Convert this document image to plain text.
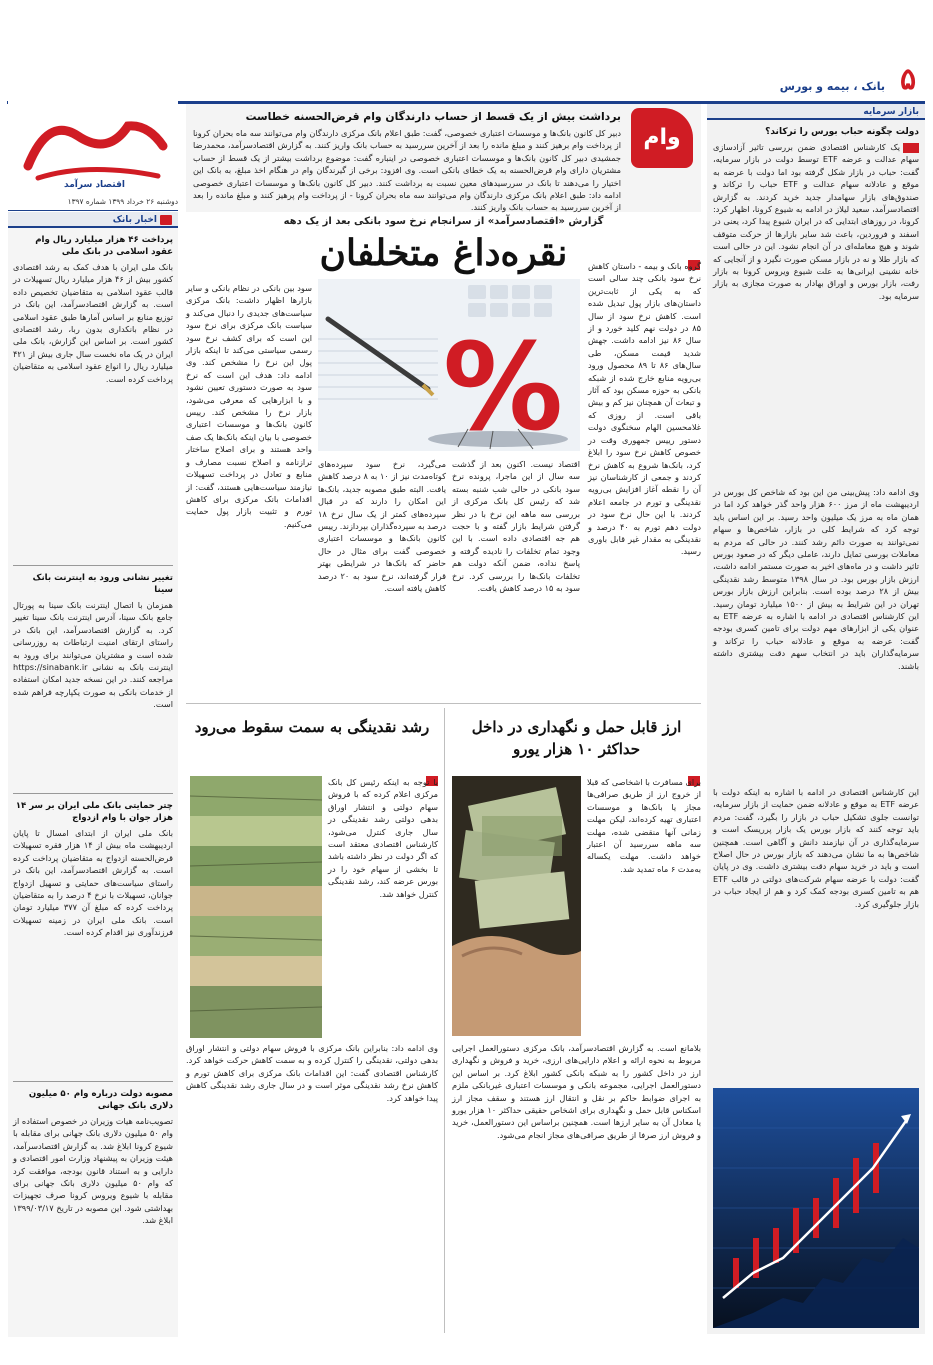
۵
بانک ، بیمه و بورس
اقتصاد سرآمد
دوشنبه ۲۶ خرداد ۱۳۹۹ شماره ۱۳۹۷
وام
برداشت بیش از یک قسط از حساب دارندگان وام قرض‌الحسنه خطاست
دبیر کل کانون بانک‌ها و موسسات اعتباری خصوصی، گفت: طبق اعلام بانک مرکزی دارندگان وام می‌توانند سه ماه بحران کرونا از پرداخت وام برهیز کنند و مبلغ مانده را بعد از آخرین سررسید به حساب بانک واریز کنند. به گزارش اقتصادسرآمد، محمدرضا جمشیدی دبیر کل کانون بانک‌ها و موسسات اعتباری خصوصی در اینباره گفت: موضوع برداشت بیشتر از یک قسط از حساب مشتریان دارای وام قرض‌الحسنه به‌ یک خطای بانکی است. وی افزود: برخی از گیرندگان وام در هنگام اخذ مبلغ، به بانک این اختیار را می‌دهند تا بانک در سررسیدهای معین نسبت به برداشت کنند. دبیر کل کانون بانک‌ها و موسسات اعتباری خصوصی ادامه داد: طبق اعلام بانک مرکزی دارندگان وام می‌توانند سه ماه بحران کرونا - از پرداخت وام پرهیز کنند و مبلغ مانده را بعد از آخرین سررسید به حساب بانک واریز کنند.
اخبار بانک
پرداخت ۴۶ هزار میلیارد ریال وام عقود اسلامی در بانک ملی
بانک ملی ایران با هدف کمک به رشد اقتصادی کشور بیش از ۴۶ هزار میلیارد ریال تسهیلات در قالب عقود اسلامی به متقاضیان تخصیص داده است. به گزارش اقتصادسرآمد، این بانک در توزیع منابع بر اساس آمارها طبق عقود اسلامی در نظام بانکداری بدون ربا، رشد اقتصادی کشور است. بر اساس این گزارش، بانک ملی ایران در یک ماه نخست سال جاری بیش از ۴۲۱ میلیارد ریال را انواع عقود اسلامی به متقاضیان پرداخت کرده است.
تغییر نشانی ورود به اینترنت بانک سینا
همزمان با اتصال اینترنت بانک سینا به پورتال جامع بانک سینا، آدرس اینترنت بانک سینا تغییر کرد. به گزارش اقتصادسرآمد، این بانک در راستای ارتقای امنیت ارتباطات به روزرسانی شده است و مشتریان می‌توانند برای ورود به اینترنت بانک به نشانی https://sinabank.ir مراجعه کنند. در این نسخه جدید امکان استفاده از خدمات بانکی به صورت یکپارچه فراهم شده است.
چتر حمایتی بانک ملی ایران بر سر ۱۴ هزار جوان با وام ازدواج
بانک ملی ایران از ابتدای امسال تا پایان اردیبهشت ماه بیش از ۱۴ هزار فقره تسهیلات قرض‌الحسنه ازدواج به متقاضیان پرداخت کرده است. به گزارش اقتصادسرآمد، این بانک در راستای سیاست‌های حمایتی و تسهیل ازدواج جوانان، تسهیلات با نرخ ۴ درصد را به متقاضیان پرداخت کرده که مبلغ آن ۳۷۷ میلیارد تومان است. بانک ملی ایران در زمینه تسهیلات فرزندآوری نیز اقدام کرده است.
مصوبه دولت درباره وام ۵۰ میلیون دلاری بانک جهانی
تصویب‌نامه هیات وزیران در خصوص استفاده از وام ۵۰ میلیون دلاری بانک جهانی برای مقابله با شیوع کرونا ابلاغ شد. به گزارش اقتصادسرآمد، هیئت وزیران به پیشنهاد وزارت امور اقتصادی و دارایی و به استناد قانون بودجه، موافقت کرد که وام ۵۰ میلیون دلاری بانک جهانی برای مقابله با شیوع ویروس کرونا صرف تجهیزات بهداشتی شود. این مصوبه در تاریخ ۱۳۹۹/۰۳/۱۷ ابلاغ شد.
بازار سرمایه
دولت چگونه حباب بورس را ترکاند؟
یک کارشناس اقتصادی ضمن بررسی تاثیر آزادسازی سهام عدالت و عرضه ETF توسط دولت در بازار سرمایه، گفت: حباب در بازار شکل گرفته بود اما دولت با عرضه به موقع و عادلانه سهام عدالت و ETF حباب را ترکاند و صندوق‌های بازار سهامدار جدید خرید کردند. به گزارش اقتصادسرآمد، سعید لیلاز در ادامه به شیوع کرونا، اظهار کرد: کرونا، در روزهای ابتدایی که در ایران شیوع پیدا کرد، یعنی در اسفند و فروردین، باعث شد سایر بازارها از حرکت متوقف شوند و هیچ معامله‌ای در آن انجام نشود. این در حالی است که بازار طلا و نه در بازار مسکن صورت نگیرد و از آنجایی که خانه نشینی ایرانی‌ها به علت شیوع ویروس کرونا به بازار رفت، بازار بورس و اوراق بهادار به صورت مجازی به بازار سرمایه بود.
وی ادامه داد: پیش‌بینی من این بود که شاخص کل بورس در اردیبهشت ماه از مرز ۶۰۰ هزار واحد گذر خواهد کرد اما در همان ماه به مرز یک میلیون واحد رسید. بر این اساس باید توجه کرد که شرایط کلی در بازار، شاخص‌ها و سهام نمی‌توانند به صورت دائم رشد کنند. در حالی که مردم به معاملات بورسی تمایل دارند، عاملی دیگر که در صعود بورس تاثیر داشت و در ماه‌های اخیر به صورت مستمر ادامه داشت، ارزش بازار بورس بود. در سال ۱۳۹۸ متوسط رشد نقدینگی بیش از ۲۸ درصد بوده است. بنابراین ارزش بازار بورس تهران در این شرایط به بیش از ۱۵۰۰ میلیارد تومان رسید. این کارشناس اقتصادی در ادامه با اشاره به عرضه ETF به عنوان یکی از ابزارهای مهم دولت برای تامین کسری بودجه گفت: عرضه به موقع و عادلانه حباب را ترکاند و سرمایه‌گذاران باید در انتخاب سهم دقت بیشتری داشته باشند.
این کارشناس اقتصادی در ادامه با اشاره به اینکه دولت با عرضه ETF به موقع و عادلانه ضمن حمایت از بازار سرمایه، توانست جلوی تشکیل حباب در بازار را بگیرد، گفت: مردم باید توجه کنند که بازار بورس یک بازار پرریسک است و سرمایه‌گذاری در آن نیازمند دانش و آگاهی است. همچنین شاخص‌ها به ما نشان می‌دهند که بازار بورس در حال اصلاح است و باید در خرید سهام دقت بیشتری داشت. وی در پایان گفت: دولت با عرضه سهام شرکت‌های دولتی در قالب ETF هم به تامین کسری بودجه کمک کرد و هم از ایجاد حباب در بازار جلوگیری کرد.
گزارش «اقتصادسرآمد» از سرانجام نرخ سود بانکی بعد از یک دهه
نقره‌داغ متخلفان	گروه بانک و بیمه - داستان کاهش نرخ سود بانکی چند سالی است که به یکی از ثابت‌ترین داستان‌های بازار پول تبدیل شده است. کاهش نرخ سود از سال ۸۵ در دولت نهم کلید خورد و از سال ۸۶ نیز ادامه داشت. جهش شدید قیمت مسکن، طی سال‌های ۸۶ تا ۸۹ محصول ورود بی‌رویه منابع خارج شده از شبکه بانکی به حوزه مسکن بود که آثار و تبعات آن همچنان نیز کم و بیش باقی است. از روزی که غلامحسین الهام سخنگوی دولت دستور رییس جمهوری وقت در خصوص کاهش نرخ سود را ابلاغ کرد، بانک‌ها شروع به کاهش نرخ کردند و جمعی از کارشناسان نیز آن را نقطه آغاز افزایش بی‌رویه نقدینگی و تورم در جامعه اعلام کردند. با این حال نرخ سود در دولت دهم تورم به ۴۰ درصد و نقدینگی به مقدار غیر قابل باوری رسید.
%
اقتصاد نیست. اکنون بعد از گذشت سه سال از این ماجرا، پرونده نرخ سود بانکی در حالی شب شنبه بسته شد که رئیس کل بانک مرکزی از بررسی سه ماهه این نرخ با در نظر گرفتن شرایط بازار گفته و با حجت هم جه اقتصادی داده است. با این وجود تمام تخلفات را نادیده گرفته و پاسخ نداده، ضمن آنکه دولت هم تخلفات بانک‌ها را بررسی کرد. نرخ سود به ۱۵ درصد کاهش یافت.
می‌گیرد، نرخ سود سپرده‌های کوتاه‌مدت نیز از ۱۰ به ۸ درصد کاهش یافت. البته طبق مصوبه جدید، بانک‌ها این امکان را دارند که در قبال سپرده‌های کمتر از یک سال نرخ ۱۸ درصد به سپرده‌گذاران بپردازند. رییس کانون بانک‌ها و موسسات اعتباری خصوصی گفت برای مثال در حال حاضر که بانک‌ها در شرایطی بهتر قرار گرفته‌اند، نرخ سود به ۲۰ درصد کاهش یافته است.
سود بین بانکی در نظام بانکی و سایر بازارها اظهار داشت: بانک مرکزی سیاست‌های جدیدی را دنبال می‌کند و سیاست بانک مرکزی برای نرخ سود این است که برای کشف نرخ سود رسمی سیاستی می‌کند تا اینکه بازار پول این نرخ را مشخص کند. وی ادامه داد: هدف این است که نرخ سود به صورت دستوری تعیین نشود و با ابزارهایی که معرفی می‌شود، بازار نرخ را مشخص کند. رییس کانون بانک‌ها و موسسات اعتباری خصوصی با بیان اینکه بانک‌ها یک صف واحد هستند و برای اصلاح ساختار ترازنامه و اصلاح نسبت مصارف و منابع و تعادل در پرداخت تسهیلات نیازمند سیاست‌هایی هستند، گفت: از اقدامات بانک مرکزی برای کاهش تورم و تثبیت بازار پول حمایت می‌کنیم.
ارز قابل حمل و نگهداری در داخل حداکثر ۱۰ هزار یورو
برای مسافرت با اشخاصی که قبلا از خروج ارز از طریق صرافی‌ها مجاز یا بانک‌ها و موسسات اعتباری تهیه کرده‌اند، لیکن مهلت زمانی آنها منقضی شده، مهلت سه ماهه سررسید آن اعتبار خواهد داشت. مهلت یکساله به‌مدت ۶ ماه تمدید شد.
بلامانع است. به گزارش اقتصادسرآمد، بانک مرکزی دستورالعمل اجرایی مربوط به نحوه ارائه و اعلام دارایی‌های ارزی، خرید و فروش و نگهداری ارز در داخل کشور را به شبکه بانکی کشور ابلاغ کرد. بر اساس این دستورالعمل اجرایی، مجموعه بانکی و موسسات اعتباری غیربانکی ملزم به اجرای ضوابط حاکم بر نقل و انتقال ارز هستند و سقف مجاز ارز اسکناس قابل حمل و نگهداری برای اشخاص حقیقی حداکثر ۱۰ هزار یورو یا معادل آن به سایر ارزها است. همچنین براساس این دستورالعمل، خرید و فروش ارز صرفا از طریق صرافی‌های مجاز انجام می‌شود.
رشد نقدینگی به سمت سقوط می‌رود
با توجه به اینکه رئیس کل بانک مرکزی اعلام کرده که با فروش سهام دولتی و انتشار اوراق بدهی دولتی رشد نقدینگی در سال جاری کنترل می‌شود، کارشناس اقتصادی معتقد است که اگر دولت در نظر داشته باشد تا بخشی از سهام خود را در بورس عرضه کند، رشد نقدینگی کنترل خواهد شد.
وی ادامه داد: بنابراین بانک مرکزی با فروش سهام دولتی و انتشار اوراق بدهی دولتی، نقدینگی را کنترل کرده و به سمت کاهش حرکت خواهد کرد. کارشناس اقتصادی گفت: این اقدامات بانک مرکزی برای کاهش تورم و کاهش نرخ رشد نقدینگی موثر است و در سال جاری رشد نقدینگی کاهش پیدا خواهد کرد.
